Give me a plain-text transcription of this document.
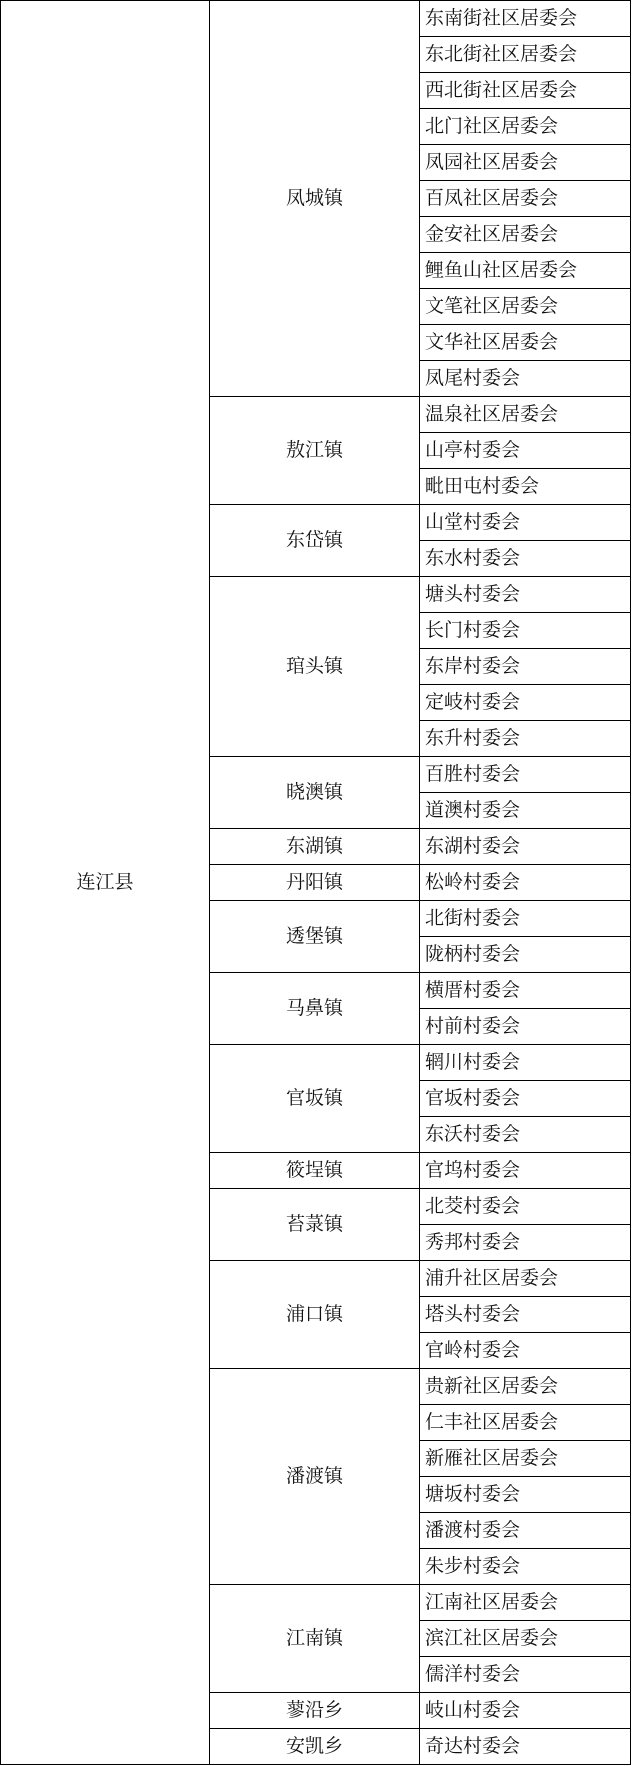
连江县	凤城镇	东南街社区居委会
		东北街社区居委会
		西北街社区居委会
		北门社区居委会
		凤园社区居委会
		百凤社区居委会
		金安社区居委会
		鲤鱼山社区居委会
		文笔社区居委会
		文华社区居委会
		凤尾村委会
	敖江镇	温泉社区居委会
		山亭村委会
		毗田屯村委会
	东岱镇	山堂村委会
		东水村委会
	琯头镇	塘头村委会
		长门村委会
		东岸村委会
		定岐村委会
		东升村委会
	晓澳镇	百胜村委会
		道澳村委会
	东湖镇	东湖村委会
	丹阳镇	松岭村委会
	透堡镇	北街村委会
		陇柄村委会
	马鼻镇	横厝村委会
		村前村委会
	官坂镇	辋川村委会
		官坂村委会
		东沃村委会
	筱埕镇	官坞村委会
	苔菉镇	北茭村委会
		秀邦村委会
	浦口镇	浦升社区居委会
		塔头村委会
		官岭村委会
	潘渡镇	贵新社区居委会
		仁丰社区居委会
		新雁社区居委会
		塘坂村委会
		潘渡村委会
		朱步村委会
	江南镇	江南社区居委会
		滨江社区居委会
		儒洋村委会
	蓼沿乡	岐山村委会
	安凯乡	奇达村委会
